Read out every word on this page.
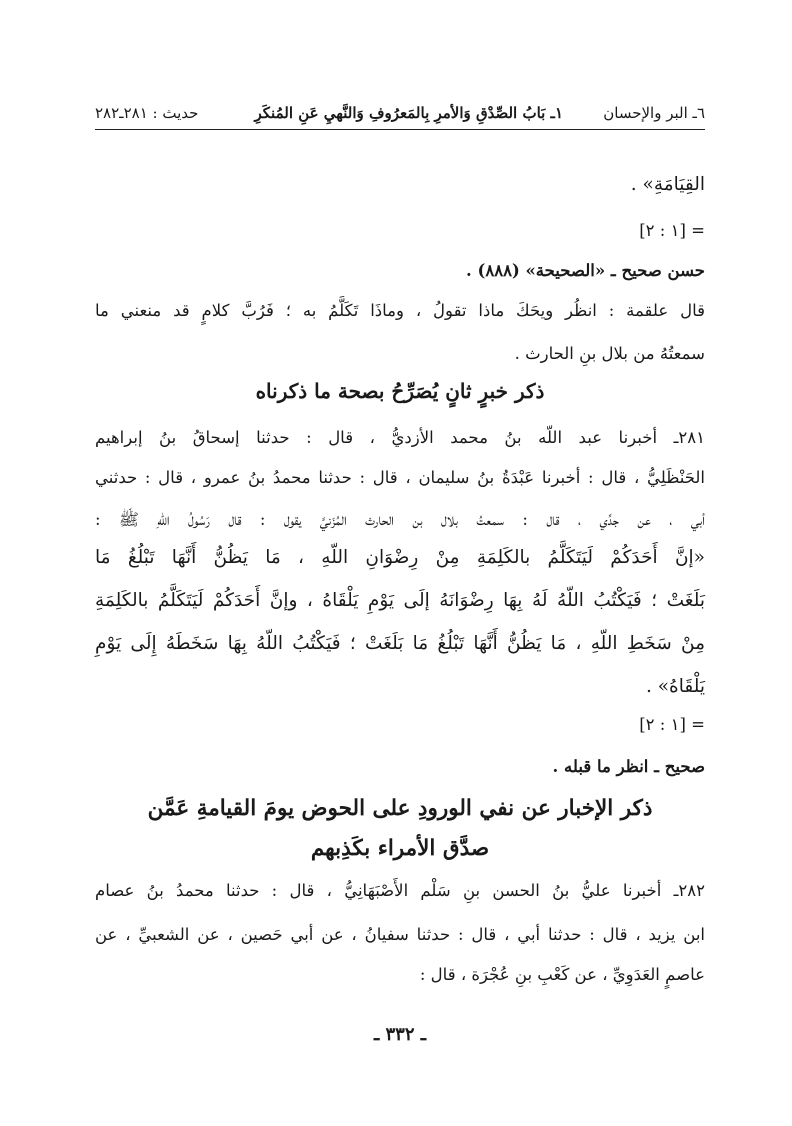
٦ـ البر والإحسان
١ـ بَابُ الصِّدْقِ وَالأمرِ بِالمَعرُوفِ وَالنَّهيِ عَنِ المُنكَرِ
حديث : ٢٨١ـ٢٨٢
القِيَامَةِ» .
= [١ : ٢]
حسن صحيح ـ «الصحيحة» (٨٨٨) .
قال علقمة : انظُر ويحَكَ ماذا تقولُ ، وماذَا تَكَلَّمُ به ؛ فَرُبَّ كلامٍ قد منعني ما
سمعتُهُ من بلال بنِ الحارث .
ذكر خبرٍ ثانٍ يُصَرِّحُ بصحة ما ذكرناه
٢٨١ـ أخبرنا عبد اللّه بنُ محمد الأزديُّ ، قال : حدثنا إسحاقُ بنُ إبراهيم
الحَنْظَلِيُّ ، قال : أخبرنا عَبْدَةُ بنُ سليمان ، قال : حدثنا محمدُ بنُ عمرو ، قال : حدثني
أبي ، عن جدِّي ، قال : سمعتُ بلال بن الحارث المُزَنيَّ يقول : قال رَسُولُ اللّهِ ﷺ :
«إنَّ أَحَدَكُمْ لَيَتَكَلَّمُ بالكَلِمَةِ مِنْ رِضْوَانِ اللّهِ ، مَا يَظُنُّ أَنَّهَا تَبْلُغُ مَا
بَلَغَتْ ؛ فَيَكْتُبُ اللّهُ لَهُ بِهَا رِضْوَانَهُ إلَى يَوْمِ يَلْقَاهُ ، وإنَّ أَحَدَكُمْ لَيَتَكَلَّمُ بالكَلِمَةِ
مِنْ سَخَطِ اللّهِ ، مَا يَظُنُّ أَنَّهَا تَبْلُغُ مَا بَلَغَتْ ؛ فَيَكْتُبُ اللّهُ بِهَا سَخَطَهُ إِلَى يَوْمِ
يَلْقَاهُ» .
= [١ : ٢]
صحيح ـ انظر ما قبله .
ذكر الإخبار عن نفي الورودِ على الحوض يومَ القيامةِ عَمَّن
صدَّق الأمراء بكَذِبهم
٢٨٢ـ أخبرنا عليُّ بنُ الحسن بنِ سَلْم الأَصْبَهَانِيُّ ، قال : حدثنا محمدُ بنُ عصام
ابن يزيد ، قال : حدثنا أبي ، قال : حدثنا سفيانُ ، عن أبي حَصين ، عن الشعبيِّ ، عن
عاصمٍ العَدَوِيِّ ، عن كَعْبِ بنِ عُجْرَة ، قال :
ـ ٣٣٢ ـ
